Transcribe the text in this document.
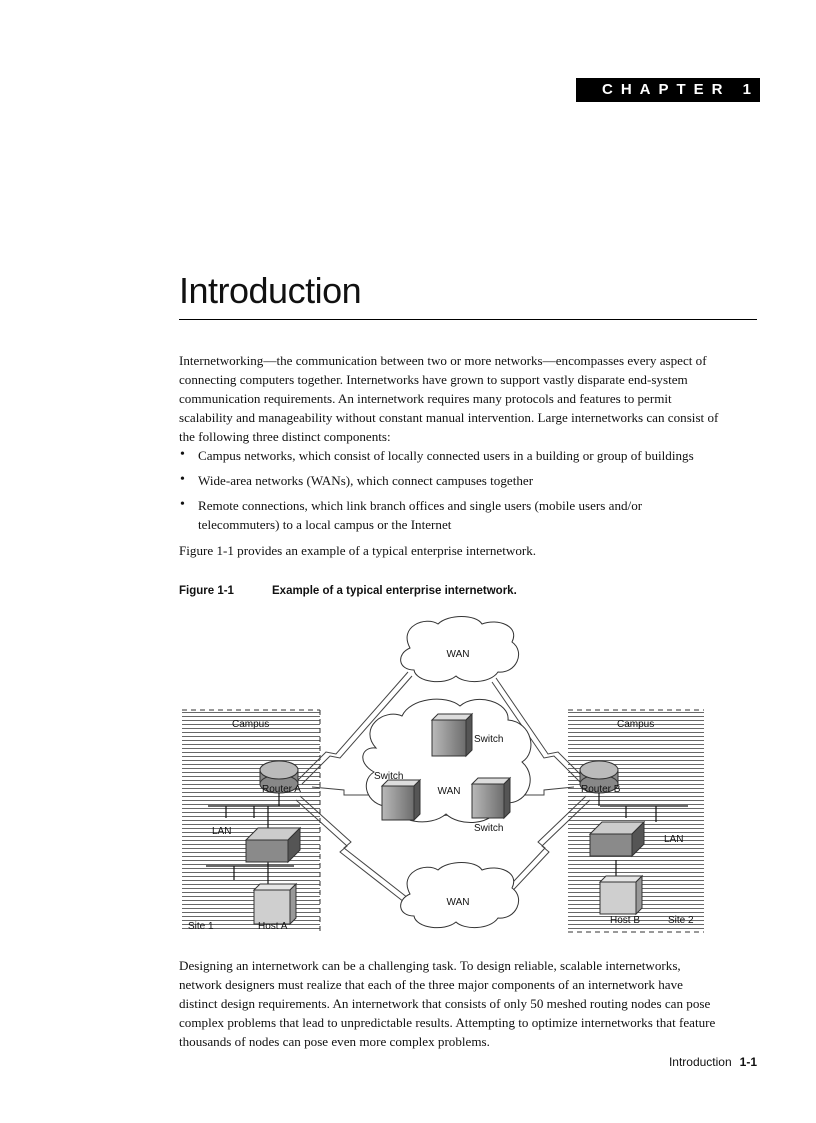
CHAPTER 1
Introduction

Internetworking—the communication between two or more networks—encompasses every aspect of connecting computers together. Internetworks have grown to support vastly disparate end-system communication requirements. An internetwork requires many protocols and features to permit scalability and manageability without constant manual intervention. Large internetworks can consist of the following three distinct components:

• Campus networks, which consist of locally connected users in a building or group of buildings
• Wide-area networks (WANs), which connect campuses together
• Remote connections, which link branch offices and single users (mobile users and/or telecommuters) to a local campus or the Internet

Figure 1-1 provides an example of a typical enterprise internetwork.

Figure 1-1	Example of a typical enterprise internetwork.
WAN
WAN
WAN
Switch
Switch
Switch
Campus	Campus
Router A	Router B
LAN
LAN
Host A
Host B
Site 1
Site 2

Designing an internetwork can be a challenging task. To design reliable, scalable internetworks, network designers must realize that each of the three major components of an internetwork have distinct design requirements. An internetwork that consists of only 50 meshed routing nodes can pose complex problems that lead to unpredictable results. Attempting to optimize internetworks that feature thousands of nodes can pose even more complex problems.

Introduction 1-1
